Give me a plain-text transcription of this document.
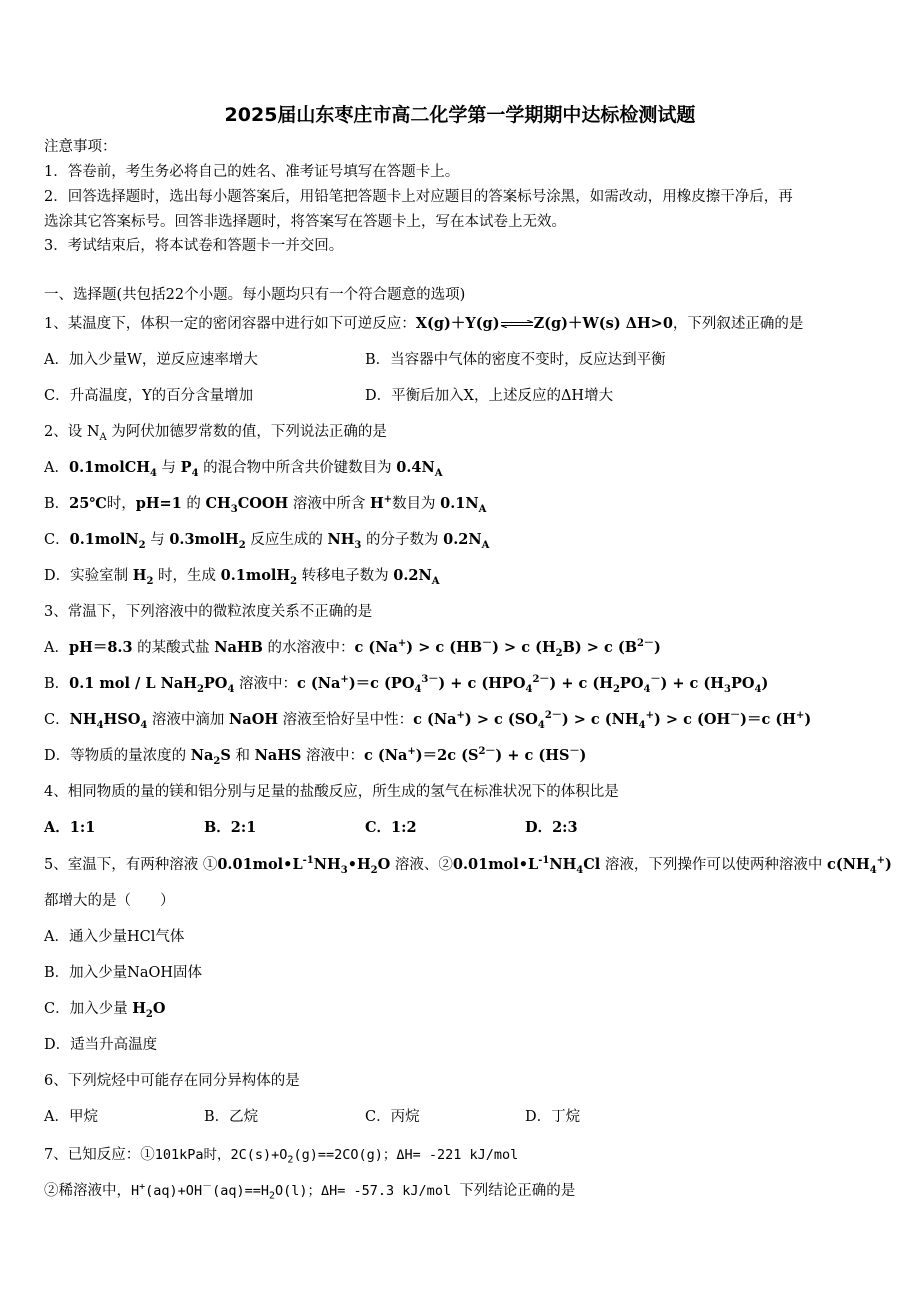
2025届山东枣庄市高二化学第一学期期中达标检测试题
注意事项：
1．答卷前，考生务必将自己的姓名、准考证号填写在答题卡上。
2．回答选择题时，选出每小题答案后，用铅笔把答题卡上对应题目的答案标号涂黑，如需改动，用橡皮擦干净后，再
选涂其它答案标号。回答非选择题时，将答案写在答题卡上，写在本试卷上无效。
3．考试结束后，将本试卷和答题卡一并交回。
一、选择题(共包括22个小题。每小题均只有一个符合题意的选项)
1、某温度下，体积一定的密闭容器中进行如下可逆反应：X(g)＋Y(g)⇌Z(g)＋W(s) ΔH>0，下列叙述正确的是
A．加入少量W，逆反应速率增大	B．当容器中气体的密度不变时，反应达到平衡
C．升高温度，Y的百分含量增加	D．平衡后加入X，上述反应的ΔH增大
2、设 $N_A$ 为阿伏加德罗常数的值，下列说法正确的是
A．0.1molCH$_4$ 与 $P_4$ 的混合物中所含共价键数目为 $0.4N_A$
B．25℃时，pH=1 的 $CH_3COOH$ 溶液中所含 H+数目为 $0.1N_A$
C．0.1molN$_2$ 与 0.3molH$_2$ 反应生成的 $NH_3$ 的分子数为 $0.2N_A$
D．实验室制 $H_2$ 时，生成 0.1molH$_2$ 转移电子数为 $0.2N_A$
3、常温下，下列溶液中的微粒浓度关系不正确的是
A．pH＝8.3 的某酸式盐 NaHB 的水溶液中：c (Na+) > c (HB－) > c $(H_2B) > c$ $(B^{2-})$
B．0.1 mol / L $NaH_2PO_4$ 溶液中：c (Na+)＝c $(PO_4^{3-}) + c$ $(HPO_4^{2-}) + c$ $(H_2PO_4^-) + c$ $(H_3PO_4)$
C．$NH_4HSO_4$ 溶液中滴加 NaOH 溶液至恰好呈中性：c (Na+) > c $(SO_4^{2-}) > c$ $(NH_4^+) > c$ (OH－)＝c (H+)
D．等物质的量浓度的 $Na_2S$ 和 NaHS 溶液中：c (Na+)＝2c $(S^{2-}) + c$ (HS－)
4、相同物质的量的镁和铝分别与足量的盐酸反应，所生成的氢气在标准状况下的体积比是
A．1:1	B．2:1	C．1:2	D．2:3
5、室温下，有两种溶液 $①0.01mol•L^{-1}NH_3•H_2O$ 溶液、$②0.01mol•L^{-1}NH_4Cl$ 溶液，下列操作可以使两种溶液中 $c(NH_4^+)$
都增大的是（　　）
A．通入少量HCl气体
B．加入少量NaOH固体
C．加入少量 $H_2O$
D．适当升高温度
6、下列烷烃中可能存在同分异构体的是
A．甲烷	B．乙烷	C．丙烷	D．丁烷
7、已知反应：①101kPa时，$2C(s)+O_2(g)==2CO(g)$；ΔH= -221 kJ/mol
②稀溶液中，$H^+(aq)+OH^-(aq)==H_2O(l)$；ΔH= -57.3 kJ/mol 下列结论正确的是
